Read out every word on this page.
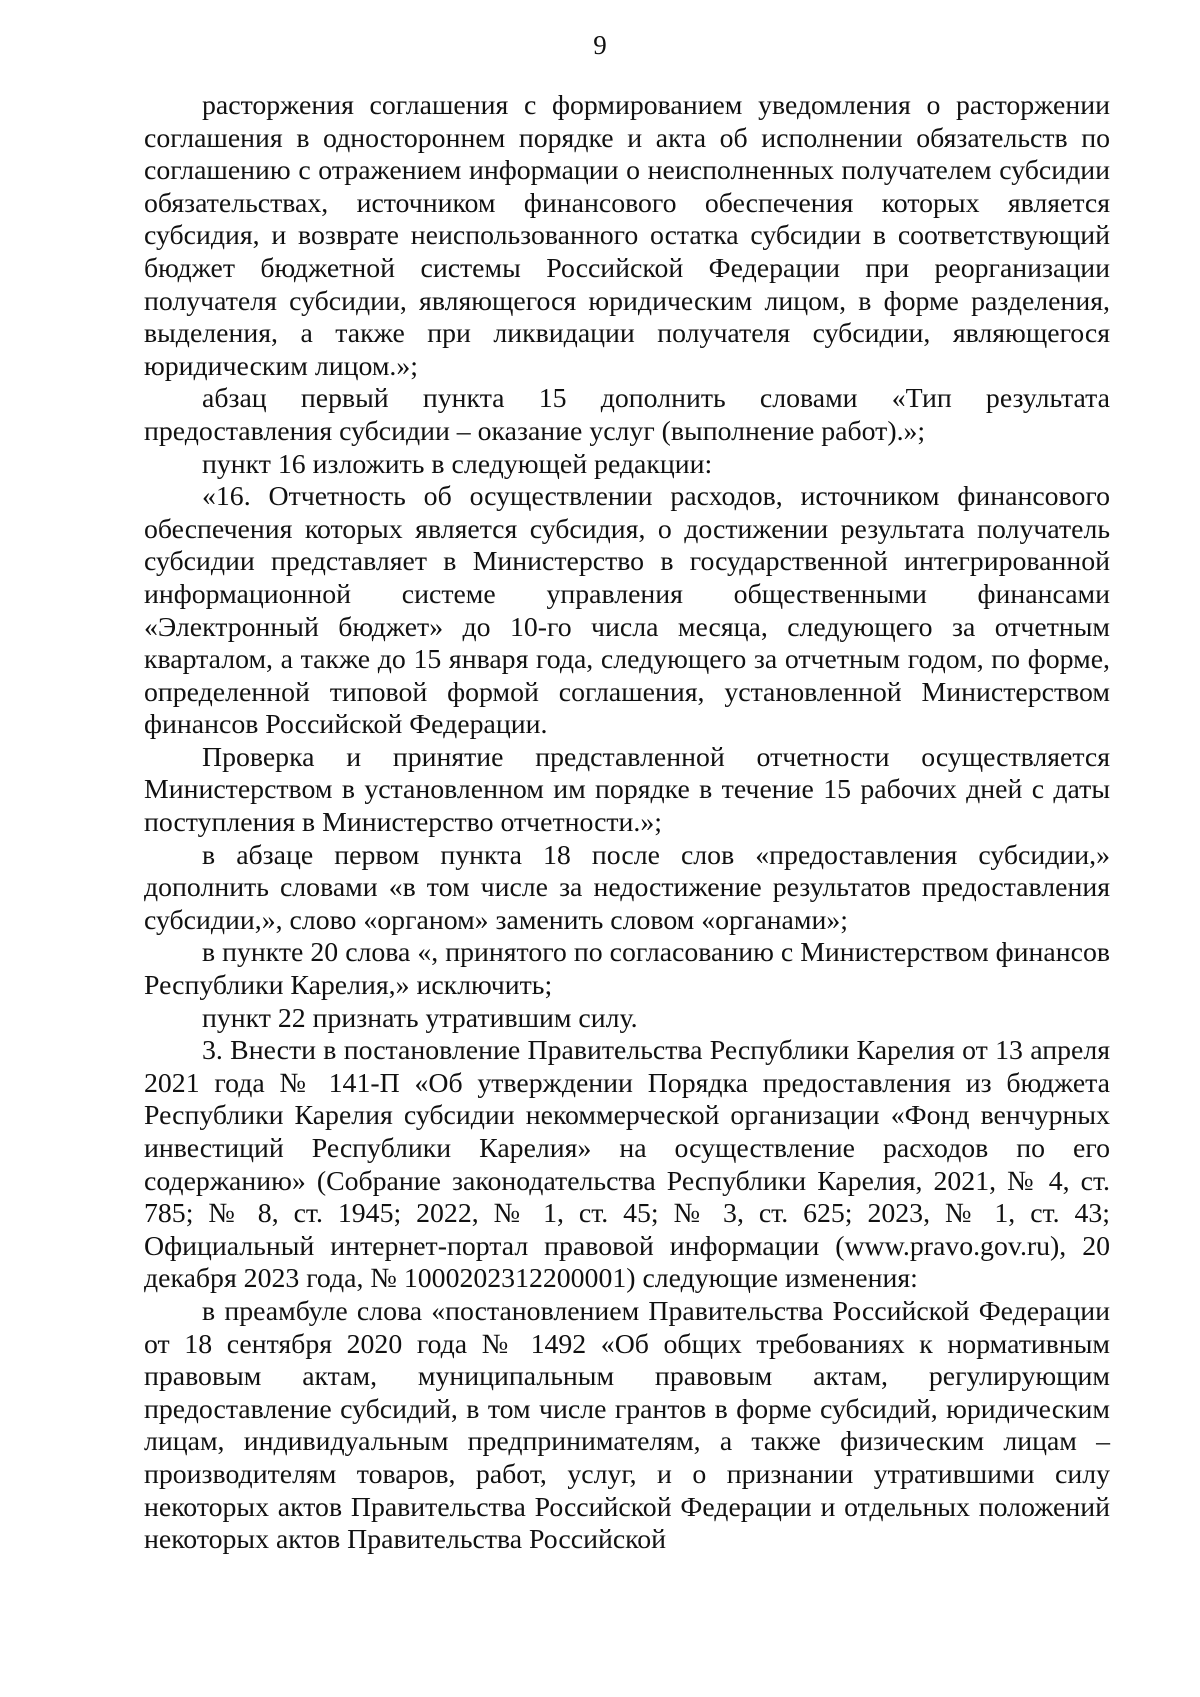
9

расторжения соглашения с формированием уведомления о расторжении соглашения в одностороннем порядке и акта об исполнении обязательств по соглашению с отражением информации о неисполненных получателем субсидии обязательствах, источником финансового обеспечения которых является субсидия, и возврате неиспользованного остатка субсидии в соответствующий бюджет бюджетной системы Российской Федерации при реорганизации получателя субсидии, являющегося юридическим лицом, в форме разделения, выделения, а также при ликвидации получателя субсидии, являющегося юридическим лицом.»;

абзац первый пункта 15 дополнить словами «Тип результата предоставления субсидии – оказание услуг (выполнение работ).»;

пункт 16 изложить в следующей редакции:

«16. Отчетность об осуществлении расходов, источником финансового обеспечения которых является субсидия, о достижении результата получатель субсидии представляет в Министерство в государственной интегрированной информационной системе управления общественными финансами «Электронный бюджет» до 10-го числа месяца, следующего за отчетным кварталом, а также до 15 января года, следующего за отчетным годом, по форме, определенной типовой формой соглашения, установленной Министерством финансов Российской Федерации.

Проверка и принятие представленной отчетности осуществляется Министерством в установленном им порядке в течение 15 рабочих дней с даты поступления в Министерство отчетности.»;

в абзаце первом пункта 18 после слов «предоставления субсидии,» дополнить словами «в том числе за недостижение результатов предоставления субсидии,», слово «органом» заменить словом «органами»;

в пункте 20 слова «, принятого по согласованию с Министерством финансов Республики Карелия,» исключить;

пункт 22 признать утратившим силу.

3. Внести в постановление Правительства Республики Карелия от 13 апреля 2021 года № 141-П «Об утверждении Порядка предоставления из бюджета Республики Карелия субсидии некоммерческой организации «Фонд венчурных инвестиций Республики Карелия» на осуществление расходов по его содержанию» (Собрание законодательства Республики Карелия, 2021, № 4, ст. 785; № 8, ст. 1945; 2022, № 1, ст. 45; № 3, ст. 625; 2023, № 1, ст. 43; Официальный интернет-портал правовой информации (www.pravo.gov.ru), 20 декабря 2023 года, № 1000202312200001) следующие изменения:

в преамбуле слова «постановлением Правительства Российской Федерации от 18 сентября 2020 года № 1492 «Об общих требованиях к нормативным правовым актам, муниципальным правовым актам, регулирующим предоставление субсидий, в том числе грантов в форме субсидий, юридическим лицам, индивидуальным предпринимателям, а также физическим лицам – производителям товаров, работ, услуг, и о признании утратившими силу некоторых актов Правительства Российской Федерации и отдельных положений некоторых актов Правительства Российской
